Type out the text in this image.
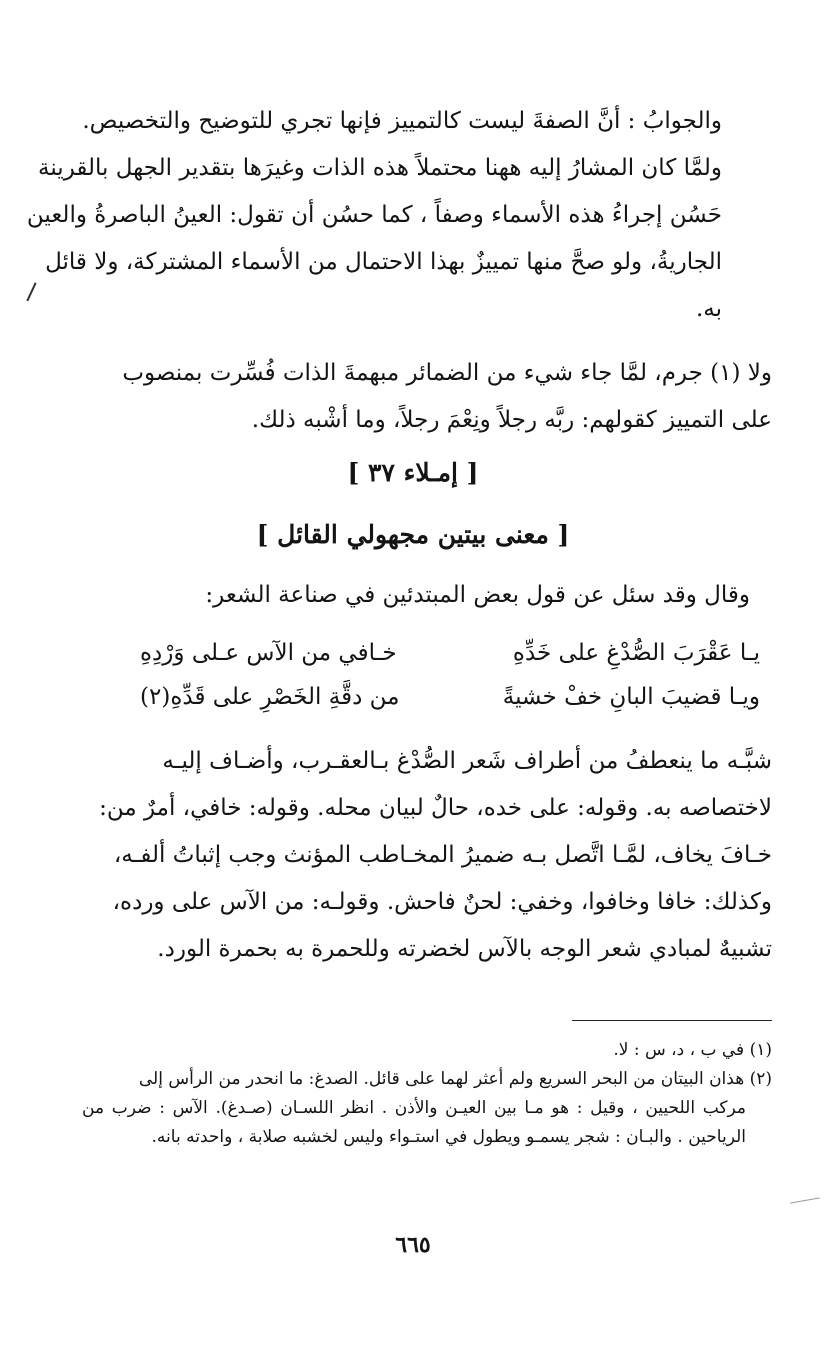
والجوابُ : أنَّ الصفةَ ليست كالتمييز فإنها تجري للتوضيح والتخصيص.
ولمَّا كان المشارُ إليه ههنا محتملاً هذه الذات وغيرَها بتقدير الجهل بالقرينة
حَسُن إجراءُ هذه الأسماء وصفاً ، كما حسُن أن تقول: العينُ الباصرةُ والعين
الجاريةُ، ولو صحَّ منها تمييزٌ بهذا الاحتمال من الأسماء المشتركة، ولا قائل
به.
ولا (١) جرم، لمَّا جاء شيء من الضمائر مبهمةَ الذات فُسِّرت بمنصوب
على التمييز كقولهم: ربَّه رجلاً ونِعْمَ رجلاً، وما أشْبه ذلك.
[ إمـلاء ٣٧ ]
[ معنى بيتين مجهولي القائل ]
وقال وقد سئل عن قول بعض المبتدئين في صناعة الشعر:
يـا عَقْرَبَ الصُّدْغِ على خَدِّهِ
خـافي من الآس عـلى وَرْدِهِ
ويـا قضيبَ البانِ خفْ خشيةً
من دقَّةِ الخَصْرِ على قَدِّهِ(٢)
شبَّـه ما ينعطفُ من أطراف شَعر الصُّدْغ بـالعقـرب، وأضـاف إليـه
لاختصاصه به. وقوله: على خده، حالٌ لبيان محله. وقوله: خافي، أمرٌ من:
خـافَ يخاف، لمَّـا اتَّصل بـه ضميرُ المخـاطب المؤنث وجب إثباتُ ألفـه،
وكذلك: خافا وخافوا، وخفي: لحنٌ فاحش. وقولـه: من الآس على ورده،
تشبيهٌ لمبادي شعر الوجه بالآس لخضرته وللحمرة به بحمرة الورد.
(١) في ب ، د، س : لا.
(٢) هذان البيتان من البحر السريع ولم أعثر لهما على قائل. الصدغ: ما انحدر من الرأس إلى
مركب اللحيين ، وقيل : هو مـا بين العيـن والأذن . انظر اللسـان (صـدغ). الآس : ضرب من الرياحين . والبـان : شجر يسمـو ويطول في استـواء وليس لخشبه صلابة ، واحدته بانه.
٦٦٥
